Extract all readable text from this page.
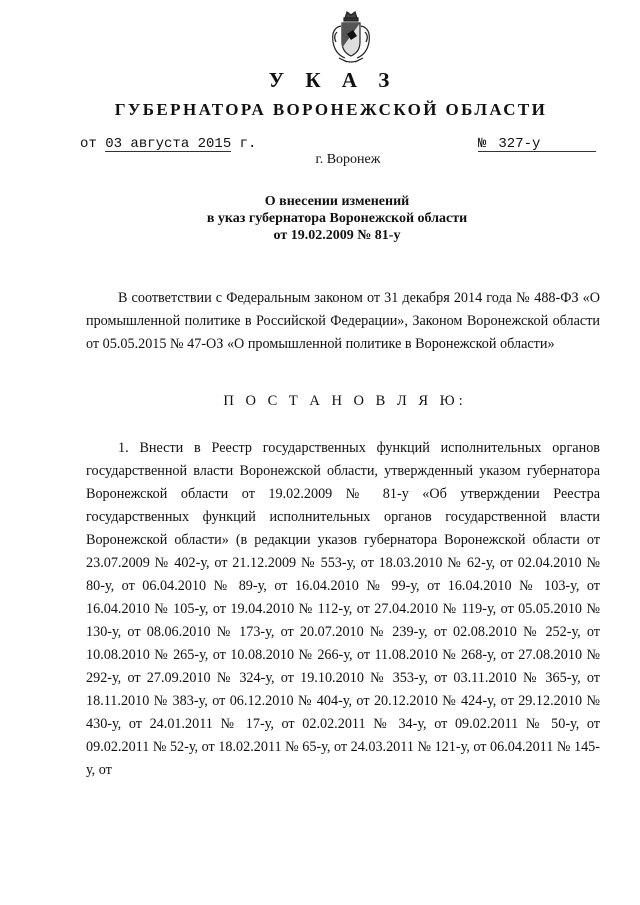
У К А З
ГУБЕРНАТОРА ВОРОНЕЖСКОЙ ОБЛАСТИ
от 03 августа 2015 г.	№ 327-у
г. Воронеж
О внесении изменений
в указ губернатора Воронежской области
от 19.02.2009 № 81-у

В соответствии с Федеральным законом от 31 декабря 2014 года № 488-ФЗ «О промышленной политике в Российской Федерации», Законом Воронежской области от 05.05.2015 № 47-ОЗ «О промышленной политике в Воронежской области»

П О С Т А Н О В Л Я Ю:

1. Внести в Реестр государственных функций исполнительных органов государственной власти Воронежской области, утвержденный указом губернатора Воронежской области от 19.02.2009 № 81-у «Об утверждении Реестра государственных функций исполнительных органов государственной власти Воронежской области» (в редакции указов губернатора Воронежской области от 23.07.2009 № 402-у, от 21.12.2009 № 553-у, от 18.03.2010 № 62-у, от 02.04.2010 № 80-у, от 06.04.2010 № 89-у, от 16.04.2010 № 99-у, от 16.04.2010 № 103-у, от 16.04.2010 № 105-у, от 19.04.2010 № 112-у, от 27.04.2010 № 119-у, от 05.05.2010 № 130-у, от 08.06.2010 № 173-у, от 20.07.2010 № 239-у, от 02.08.2010 № 252-у, от 10.08.2010 № 265-у, от 10.08.2010 № 266-у, от 11.08.2010 № 268-у, от 27.08.2010 № 292-у, от 27.09.2010 № 324-у, от 19.10.2010 № 353-у, от 03.11.2010 № 365-у, от 18.11.2010 № 383-у, от 06.12.2010 № 404-у, от 20.12.2010 № 424-у, от 29.12.2010 № 430-у, от 24.01.2011 № 17-у, от 02.02.2011 № 34-у, от 09.02.2011 № 50-у, от 09.02.2011 № 52-у, от 18.02.2011 № 65-у, от 24.03.2011 № 121-у, от 06.04.2011 № 145-у, от
